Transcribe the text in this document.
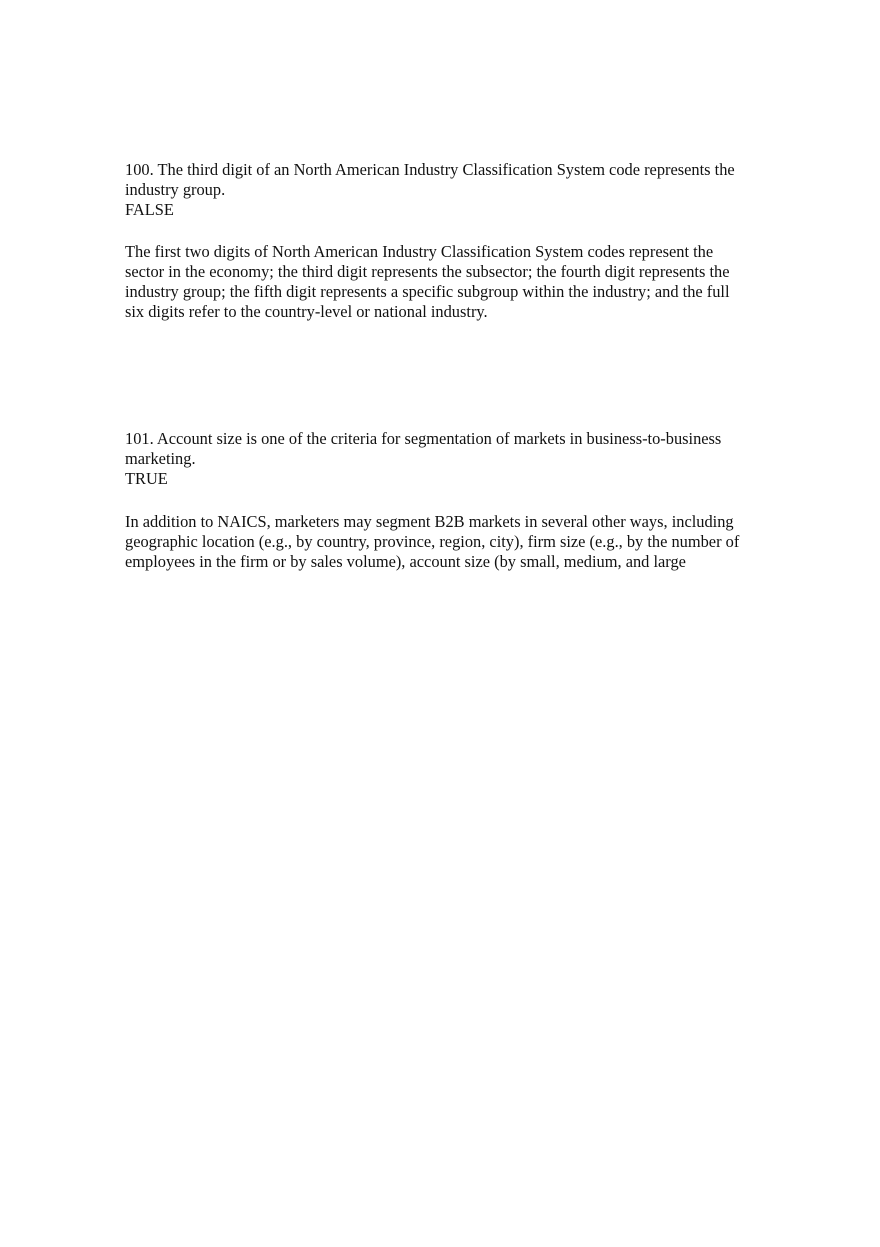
100. The third digit of an North American Industry Classification System code represents the
industry group.
FALSE
The first two digits of North American Industry Classification System codes represent the
sector in the economy; the third digit represents the subsector; the fourth digit represents the
industry group; the fifth digit represents a specific subgroup within the industry; and the full
six digits refer to the country-level or national industry.
101. Account size is one of the criteria for segmentation of markets in business-to-business
marketing.
TRUE
In addition to NAICS, marketers may segment B2B markets in several other ways, including
geographic location (e.g., by country, province, region, city), firm size (e.g., by the number of
employees in the firm or by sales volume), account size (by small, medium, and large
